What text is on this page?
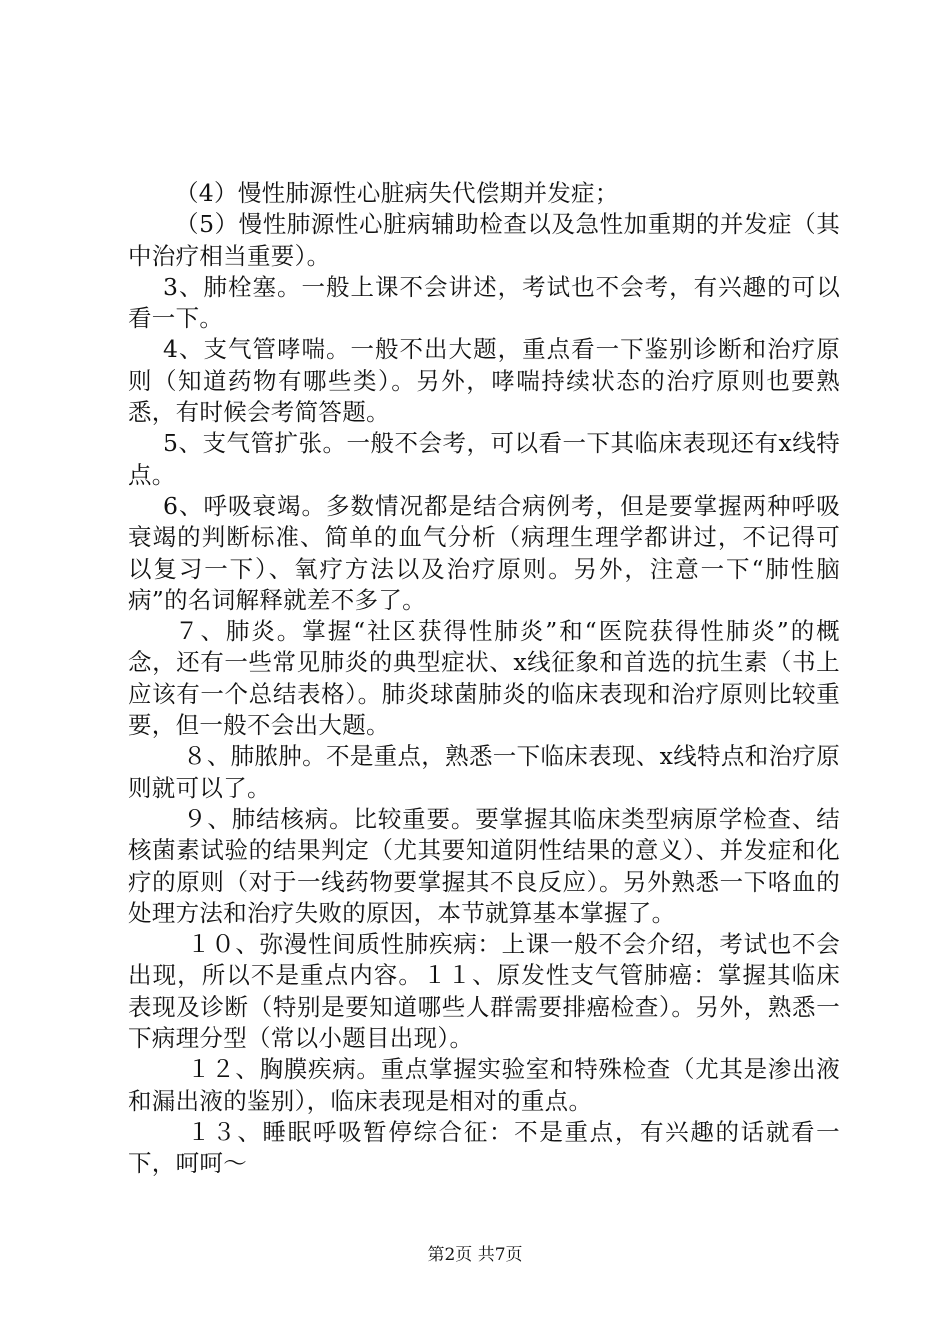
（4）慢性肺源性心脏病失代偿期并发症；

（5）慢性肺源性心脏病辅助检查以及急性加重期的并发症（其中治疗相当重要）。

3、肺栓塞。一般上课不会讲述，考试也不会考，有兴趣的可以看一下。

4、支气管哮喘。一般不出大题，重点看一下鉴别诊断和治疗原则（知道药物有哪些类）。另外，哮喘持续状态的治疗原则也要熟悉，有时候会考简答题。

5、支气管扩张。一般不会考，可以看一下其临床表现还有x线特点。

6、呼吸衰竭。多数情况都是结合病例考，但是要掌握两种呼吸衰竭的判断标准、简单的血气分析（病理生理学都讲过，不记得可以复习一下）、氧疗方法以及治疗原则。另外，注意一下“肺性脑病”的名词解释就差不多了。

７、肺炎。掌握“社区获得性肺炎”和“医院获得性肺炎”的概念，还有一些常见肺炎的典型症状、x线征象和首选的抗生素（书上应该有一个总结表格）。肺炎球菌肺炎的临床表现和治疗原则比较重要，但一般不会出大题。

８、肺脓肿。不是重点，熟悉一下临床表现、x线特点和治疗原则就可以了。

９、肺结核病。比较重要。要掌握其临床类型病原学检查、结核菌素试验的结果判定（尤其要知道阴性结果的意义）、并发症和化疗的原则（对于一线药物要掌握其不良反应）。另外熟悉一下咯血的处理方法和治疗失败的原因，本节就算基本掌握了。

１０、弥漫性间质性肺疾病：上课一般不会介绍，考试也不会出现，所以不是重点内容。１１、原发性支气管肺癌：掌握其临床表现及诊断（特别是要知道哪些人群需要排癌检查）。另外，熟悉一下病理分型（常以小题目出现）。

１２、胸膜疾病。重点掌握实验室和特殊检查（尤其是渗出液和漏出液的鉴别），临床表现是相对的重点。

１３、睡眠呼吸暂停综合征：不是重点，有兴趣的话就看一下，呵呵～

第2页 共7页
